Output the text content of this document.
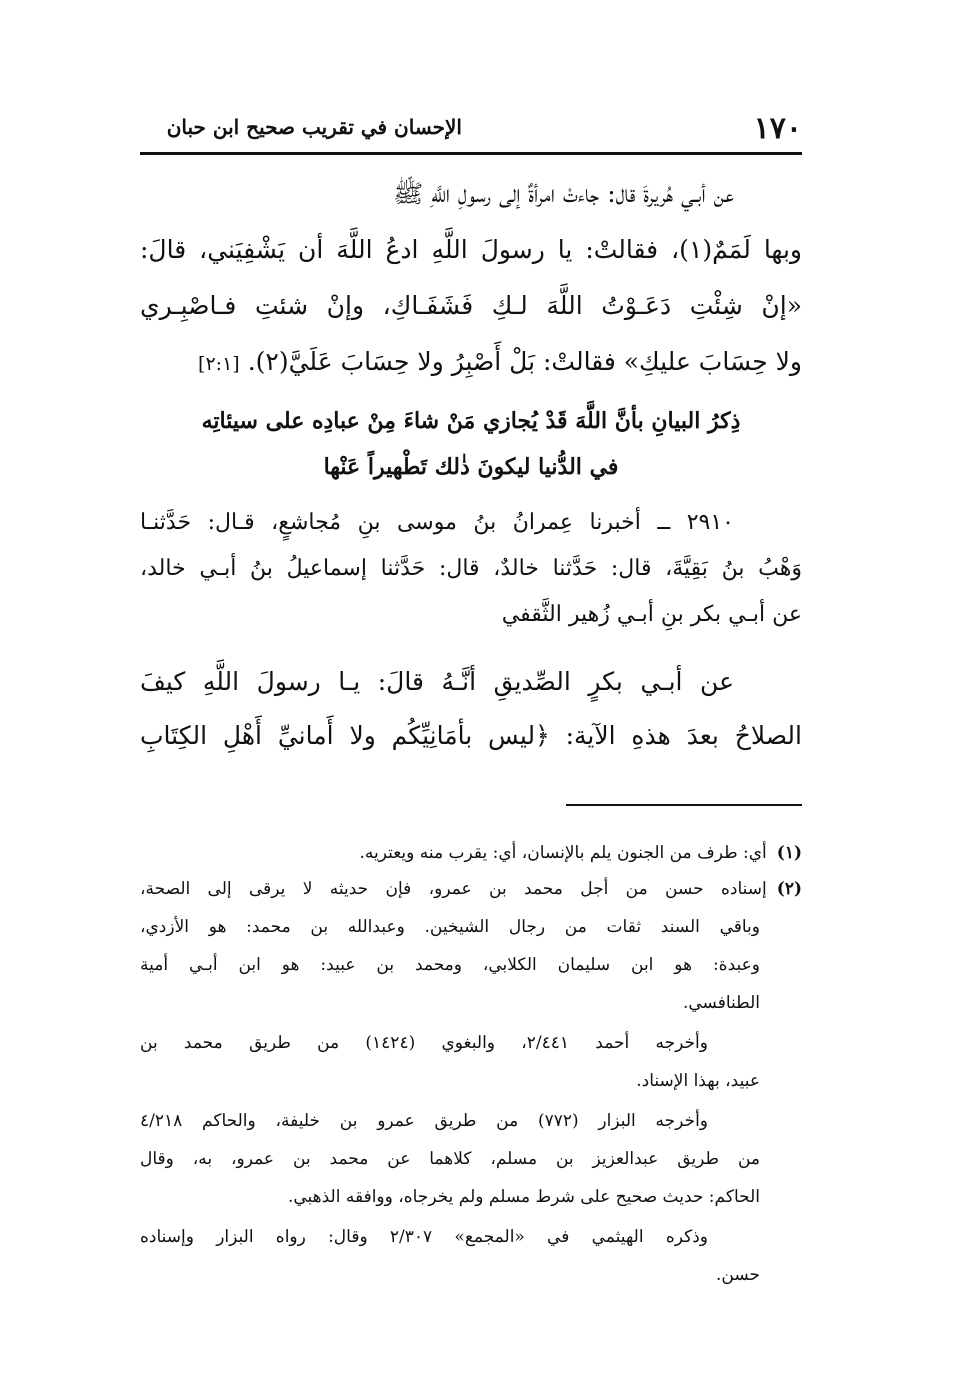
١٧٠
الإحسان في تقريب صحيح ابن حبان
عن أبـي هُريرةَ قال: جاءتْ امرأةٌ إلى رسولِ اللَّهِ ﷺ
وبها لَمَمٌ(١)، فقالتْ: يا رسولَ اللَّهِ ادعُ اللَّهَ أن يَشْفِيَني، قالَ:
«إنْ شِئْتِ دَعَـوْتُ اللَّهَ لـكِ فَشَفَـاكِ، وإنْ شئتِ فـاصْبِـري
ولا حِسَابَ عليكِ» فقالتْ: بَلْ أَصْبِرُ ولا حِسَابَ عَلَيَّ(٢).[٢:١]
ذِكرُ البيانِ بأنَّ اللَّهَ قَدْ يُجازي مَنْ شاءَ مِنْ عبادِه على سيئاتِه
في الدُّنيا ليكونَ ذٰلك تَطْهيراً عَنْها
٢٩١٠ ــ أخبرنا عِمرانُ بنُ موسى بنِ مُجاشعٍ، قـال: حَدَّثنـا
وَهْبُ بنُ بَقِيَّةَ، قال: حَدَّثنا خالدٌ، قال: حَدَّثنا إسماعيلُ بنُ أبـي خالد،
عن أبـي بكر بنِ أبـي زُهير الثَّقفي
عن أبـي بكرٍ الصِّديقِ أنَّـهُ قالَ: يـا رسولَ اللَّهِ كيفَ
الصلاحُ بعدَ هذهِ الآية: ﴿ليس بأمَانِيِّكُم ولا أَمانيِّ أَهْلِ الكِتَابِ
(١)أي: طرف من الجنون يلم بالإنسان، أي: يقرب منه ويعتريه.
(٢)إسناده حسن من أجل محمد بن عمرو، فإن حديثه لا يرقى إلى الصحة،
وباقي السند ثقات من رجال الشيخين. وعبدالله بن محمد: هو الأزدي،
وعبدة: هو ابن سليمان الكلابي، ومحمد بن عبيد: هو ابن أبـي أمية
الطنافسي.
وأخرجه أحمد ٢/٤٤١، والبغوي (١٤٢٤) من طريق محمد بن
عبيد، بهذا الإسناد.
وأخرجه البزار (٧٧٢) من طريق عمرو بن خليفة، والحاكم ٤/٢١٨
من طريق عبدالعزيز بن مسلم، كلاهما عن محمد بن عمرو، به، وقال
الحاكم: حديث صحيح على شرط مسلم ولم يخرجاه، ووافقه الذهبي.
وذكره الهيثمي في «المجمع» ٢/٣٠٧ وقال: رواه البزار وإسناده
حسن.
